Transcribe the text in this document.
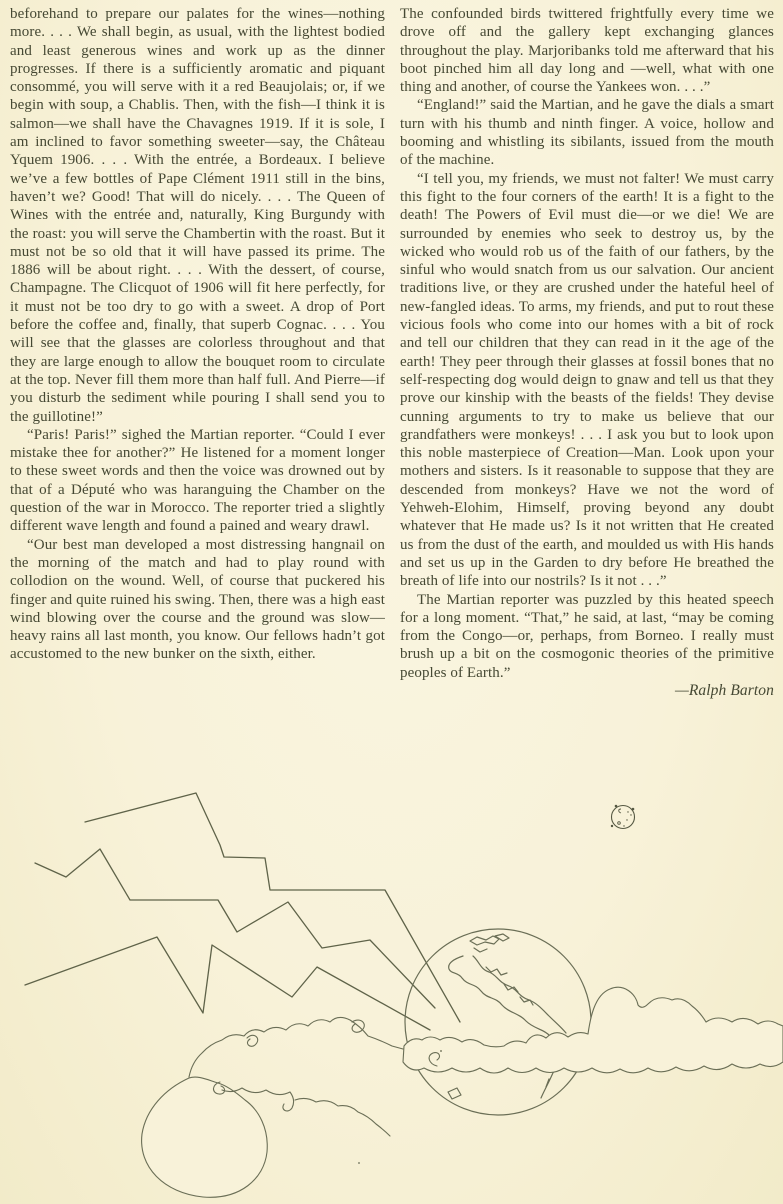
beforehand to prepare our palates for the wines—nothing more. . . . We shall begin, as usual, with the lightest bodied and least generous wines and work up as the dinner progresses. If there is a sufficiently aromatic and piquant consommé, you will serve with it a red Beaujolais; or, if we begin with soup, a Chablis. Then, with the fish—I think it is salmon—we shall have the Chavagnes 1919. If it is sole, I am inclined to favor something sweeter—say, the Château Yquem 1906. . . . With the entrée, a Bordeaux. I believe we’ve a few bottles of Pape Clément 1911 still in the bins, haven’t we? Good! That will do nicely. . . . The Queen of Wines with the entrée and, naturally, King Burgundy with the roast: you will serve the Chambertin with the roast. But it must not be so old that it will have passed its prime. The 1886 will be about right. . . . With the dessert, of course, Champagne. The Clicquot of 1906 will fit here perfectly, for it must not be too dry to go with a sweet. A drop of Port before the coffee and, finally, that superb Cognac. . . . You will see that the glasses are colorless throughout and that they are large enough to allow the bouquet room to circulate at the top. Never fill them more than half full. And Pierre—if you disturb the sediment while pouring I shall send you to the guillotine!”

“Paris! Paris!” sighed the Martian reporter. “Could I ever mistake thee for another?” He listened for a moment longer to these sweet words and then the voice was drowned out by that of a Député who was haranguing the Chamber on the question of the war in Morocco. The reporter tried a slightly different wave length and found a pained and weary drawl.

“Our best man developed a most distressing hangnail on the morning of the match and had to play round with collodion on the wound. Well, of course that puckered his finger and quite ruined his swing. Then, there was a high east wind blowing over the course and the ground was slow—heavy rains all last month, you know. Our fellows hadn’t got accustomed to the new bunker on the sixth, either.

The confounded birds twittered frightfully every time we drove off and the gallery kept exchanging glances throughout the play. Marjoribanks told me afterward that his boot pinched him all day long and —well, what with one thing and another, of course the Yankees won. . . .”

“England!” said the Martian, and he gave the dials a smart turn with his thumb and ninth finger. A voice, hollow and booming and whistling its sibilants, issued from the mouth of the machine.

“I tell you, my friends, we must not falter! We must carry this fight to the four corners of the earth! It is a fight to the death! The Powers of Evil must die—or we die! We are surrounded by enemies who seek to destroy us, by the wicked who would rob us of the faith of our fathers, by the sinful who would snatch from us our salvation. Our ancient traditions live, or they are crushed under the hateful heel of new-fangled ideas. To arms, my friends, and put to rout these vicious fools who come into our homes with a bit of rock and tell our children that they can read in it the age of the earth! They peer through their glasses at fossil bones that no self-respecting dog would deign to gnaw and tell us that they prove our kinship with the beasts of the fields! They devise cunning arguments to try to make us believe that our grandfathers were monkeys! . . . I ask you but to look upon this noble masterpiece of Creation—Man. Look upon your mothers and sisters. Is it reasonable to suppose that they are descended from monkeys? Have we not the word of Yehweh-Elohim, Himself, proving beyond any doubt whatever that He made us? Is it not written that He created us from the dust of the earth, and moulded us with His hands and set us up in the Garden to dry before He breathed the breath of life into our nostrils? Is it not . . .”

The Martian reporter was puzzled by this heated speech for a long moment. “That,” he said, at last, “may be coming from the Congo—or, perhaps, from Borneo. I really must brush up a bit on the cosmogonic theories of the primitive peoples of Earth.”

—Ralph Barton
